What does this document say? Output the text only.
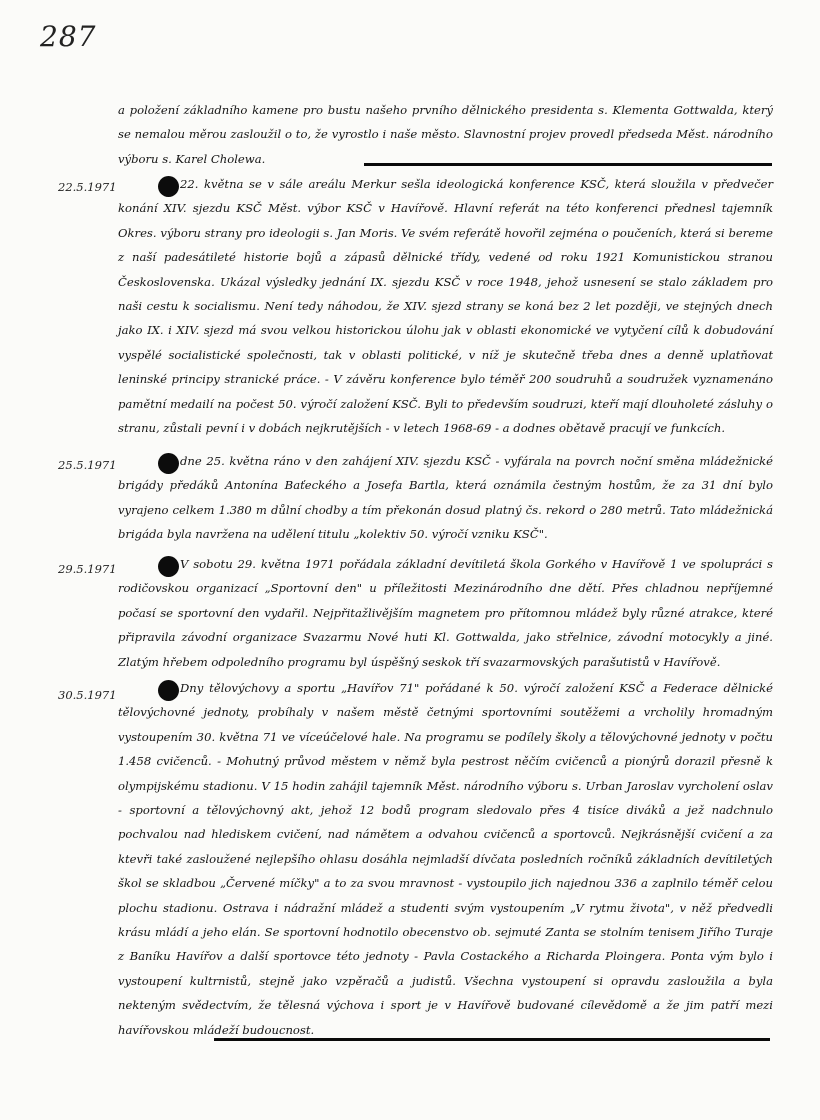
287

a položení základního kamene pro bustu našeho prvního dělnického presidenta s. Klementa Gottwalda, který se nemalou měrou zasloužil o to, že vyrostlo i naše město. Slavnostní projev provedl předseda Měst. národního výboru s. Karel Cholewa.

22.5.1971	22. května se v sále areálu Merkur sešla ideologická konference KSČ, která sloužila v předvečer konání XIV. sjezdu KSČ Měst. výbor KSČ v Havířově. Hlavní referát na této konferenci přednesl tajemník Okres. výboru strany pro ideologii s. Jan Moris. Ve svém referátě hovořil zejména o poučeních, která si bereme z naší padesátileté historie bojů a zápasů dělnické třídy, vedené od roku 1921 Komunistickou stranou Československa. Ukázal výsledky jednání IX. sjezdu KSČ v roce 1948, jehož usnesení se stalo základem pro naši cestu k socialismu. Není tedy náhodou, že XIV. sjezd strany se koná bez 2 let později, ve stejných dnech jako IX. i XIV. sjezd má svou velkou historickou úlohu jak v oblasti ekonomické ve vytyčení cílů k dobudování vyspělé socialistické společnosti, tak v oblasti politické, v níž je skutečně třeba dnes a denně uplatňovat leninské principy stranické práce. - V závěru konference bylo téměř 200 soudruhů a soudružek vyznamenáno pamětní medailí na počest 50. výročí založení KSČ. Byli to především soudruzi, kteří mají dlouholeté zásluhy o stranu, zůstali pevní i v dobách nejkrutějších - v letech 1968-69 - a dodnes obětavě pracují ve funkcích.

25.5.1971	dne 25. května ráno v den zahájení XIV. sjezdu KSČ - vyfárala na povrch noční směna mládežnické brigády předáků Antonína Baťeckého a Josefa Bartla, která oznámila čestným hostům, že za 31 dní bylo vyrajeno celkem 1.380 m důlní chodby a tím překonán dosud platný čs. rekord o 280 metrů. Tato mládežnická brigáda byla navržena na udělení titulu „kolektiv 50. výročí vzniku KSČ".

29.5.1971	V sobotu 29. května 1971 pořádala základní devítiletá škola Gorkého v Havířově 1 ve spolupráci s rodičovskou organizací „Sportovní den" u příležitosti Mezinárodního dne dětí. Přes chladnou nepříjemné počasí se sportovní den vydařil. Nejpřitažlivějším magnetem pro přítomnou mládež byly různé atrakce, které připravila závodní organizace Svazarmu Nové huti Kl. Gottwalda, jako střelnice, závodní motocykly a jiné. Zlatým hřebem odpoledního programu byl úspěšný seskok tří svazarmovských parašutistů v Havířově.

30.5.1971	Dny tělovýchovy a sportu „Havířov 71" pořádané k 50. výročí založení KSČ a Federace dělnické tělovýchovné jednoty, probíhaly v našem městě četnými sportovními soutěžemi a vrcholily hromadným vystoupením 30. května 71 ve víceúčelové hale. Na programu se podílely školy a tělovýchovné jednoty v počtu 1.458 cvičenců. - Mohutný průvod městem v němž byla pestrost něčím cvičenců a pionýrů dorazil přesně k olympijskému stadionu. V 15 hodin zahájil tajemník Měst. národního výboru s. Urban Jaroslav vyrcholení oslav - sportovní a tělovýchovný akt, jehož 12 bodů program sledovalo přes 4 tisíce diváků a jež nadchnulo pochvalou nad hlediskem cvičení, nad námětem a odvahou cvičenců a sportovců. Nejkrásnější cvičení a za ktevři také zasloužené nejlepšího ohlasu dosáhla nejmladší dívčata posledních ročníků základních devítiletých škol se skladbou „Červené míčky" a to za svou mravnost - vystoupilo jich najednou 336 a zaplnilo téměř celou plochu stadionu. Ostrava i nádražní mládež a studenti svým vystoupením „V rytmu života", v něž předvedli krásu mládí a jeho elán. Se sportovní hodnotilo obecenstvo ob. sejmuté Zanta se stolním tenisem Jiřího Turaje z Baníku Havířov a další sportovce této jednoty - Pavla Costackého a Richarda Ploingera. Ponta vým bylo i vystoupení kultrnistů, stejně jako vzpěračů a judistů. Všechna vystoupení si opravdu zasloužila a byla nekteným svědectvím, že tělesná výchova i sport je v Havířově budované cílevědomě a že jim patří mezi havířovskou mládeží budoucnost.
